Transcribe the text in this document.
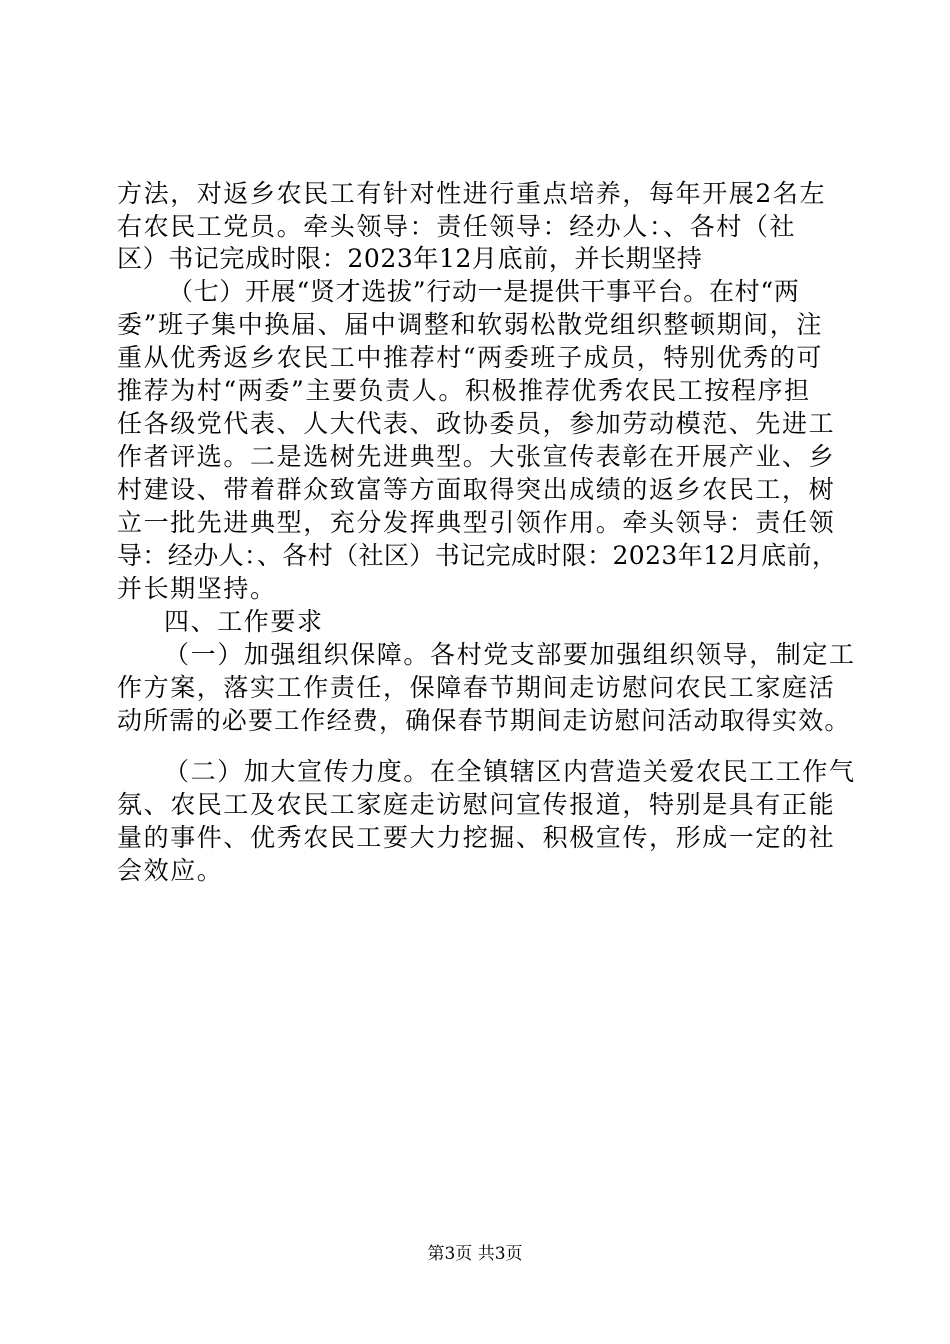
方法，对返乡农民工有针对性进行重点培养，每年开展2名左
右农民工党员。牵头领导：责任领导：经办人：、各村（社
区）书记完成时限：2023年12月底前，并长期坚持
（七）开展“贤才选拔”行动一是提供干事平台。在村“两
委”班子集中换届、届中调整和软弱松散党组织整顿期间，注
重从优秀返乡农民工中推荐村“两委班子成员，特别优秀的可
推荐为村“两委”主要负责人。积极推荐优秀农民工按程序担
任各级党代表、人大代表、政协委员，参加劳动模范、先进工
作者评选。二是选树先进典型。大张宣传表彰在开展产业、乡
村建设、带着群众致富等方面取得突出成绩的返乡农民工，树
立一批先进典型，充分发挥典型引领作用。牵头领导：责任领
导：经办人：、各村（社区）书记完成时限：2023年12月底前，
并长期坚持。
四、工作要求
（一）加强组织保障。各村党支部要加强组织领导，制定工
作方案，落实工作责任，保障春节期间走访慰问农民工家庭活
动所需的必要工作经费，确保春节期间走访慰问活动取得实效。
（二）加大宣传力度。在全镇辖区内营造关爱农民工工作气
氛、农民工及农民工家庭走访慰问宣传报道，特别是具有正能
量的事件、优秀农民工要大力挖掘、积极宣传，形成一定的社
会效应。
第3页 共3页
